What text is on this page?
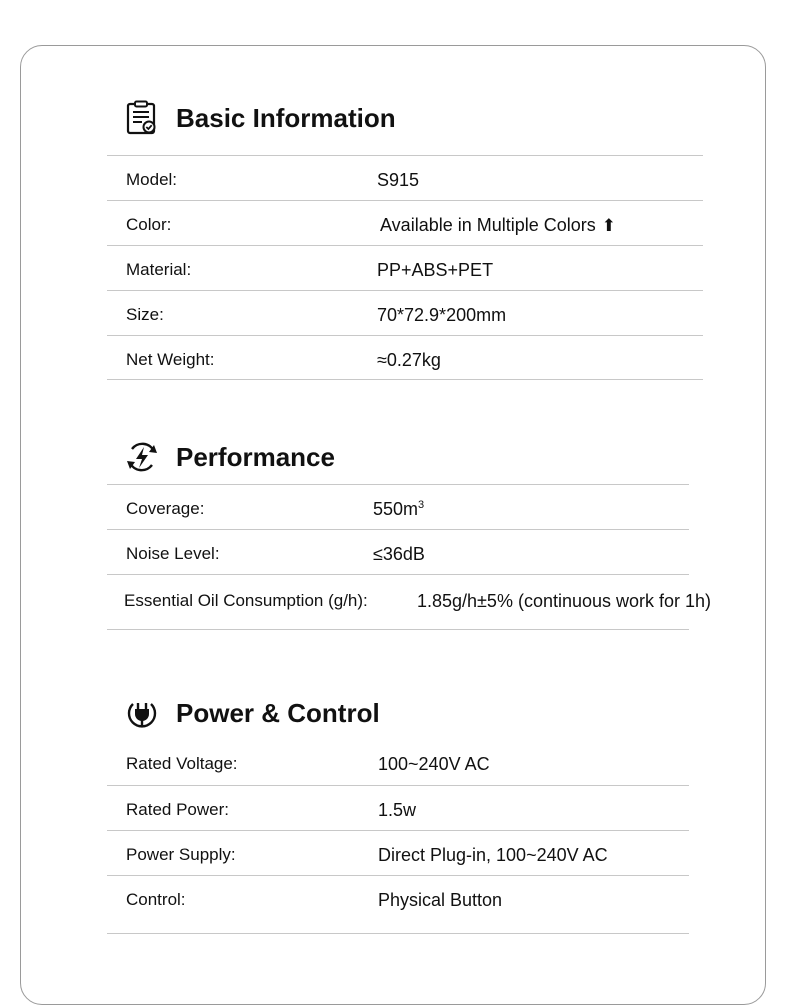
Basic Information
Model:	S915
Color:	Available in Multiple Colors ⬆
Material:	PP+ABS+PET
Size:	70*72.9*200mm
Net Weight:	≈0.27kg
Performance
Coverage:	$550m^3$
Noise Level:	≤36dB
Essential Oil Consumption (g/h):	1.85g/h±5% (continuous work for 1h)
Power & Control
Rated Voltage:	100~240V AC
Rated Power:	1.5w
Power Supply:	Direct Plug-in, 100~240V AC
Control:	Physical Button
